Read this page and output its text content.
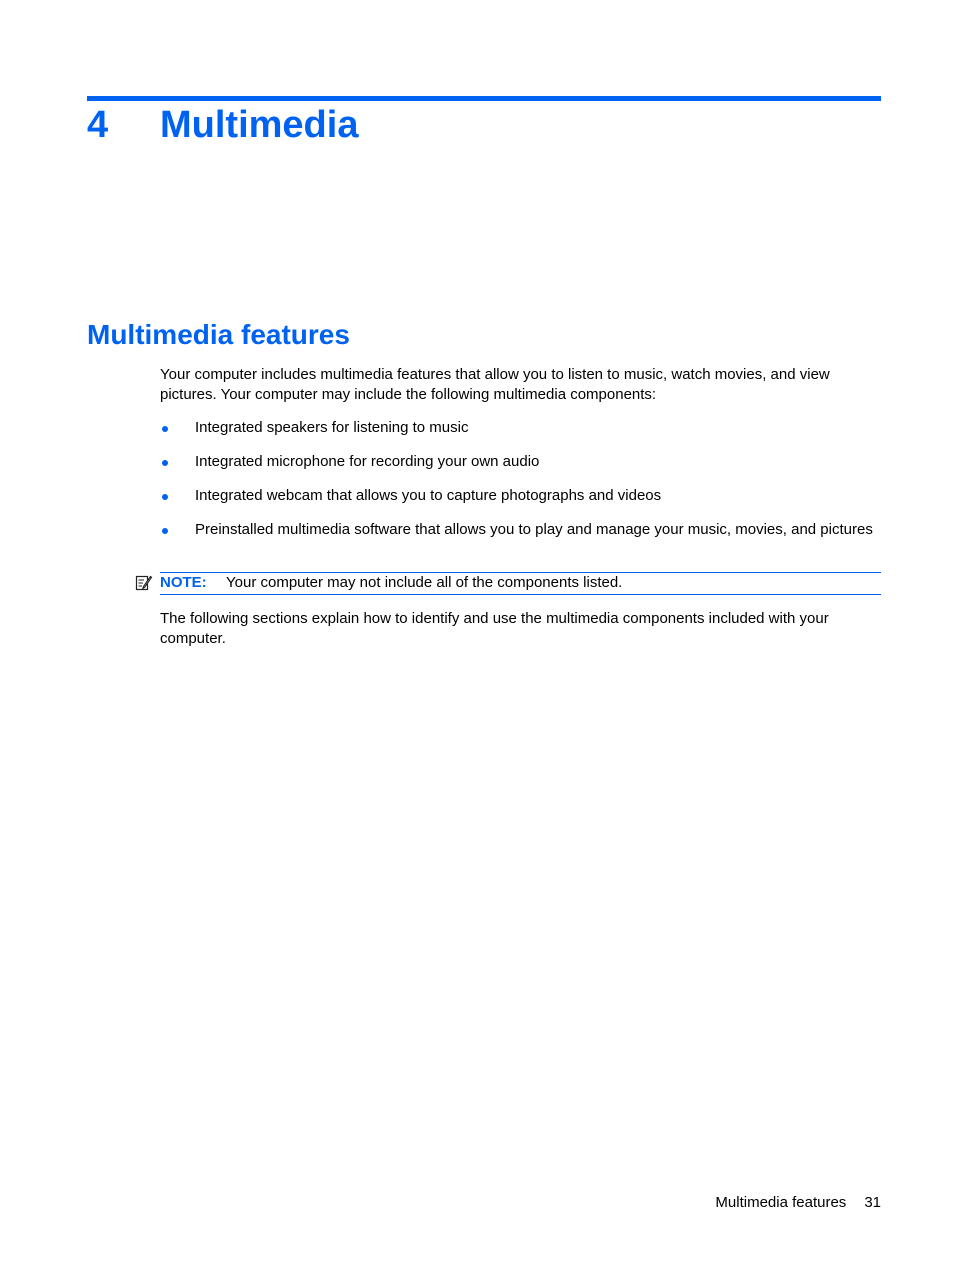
4 Multimedia
Multimedia features

Your computer includes multimedia features that allow you to listen to music, watch movies, and view pictures. Your computer may include the following multimedia components:

Integrated speakers for listening to music
Integrated microphone for recording your own audio
Integrated webcam that allows you to capture photographs and videos
Preinstalled multimedia software that allows you to play and manage your music, movies, and pictures
NOTE: Your computer may not include all of the components listed.

The following sections explain how to identify and use the multimedia components included with your computer.

Multimedia features 31
